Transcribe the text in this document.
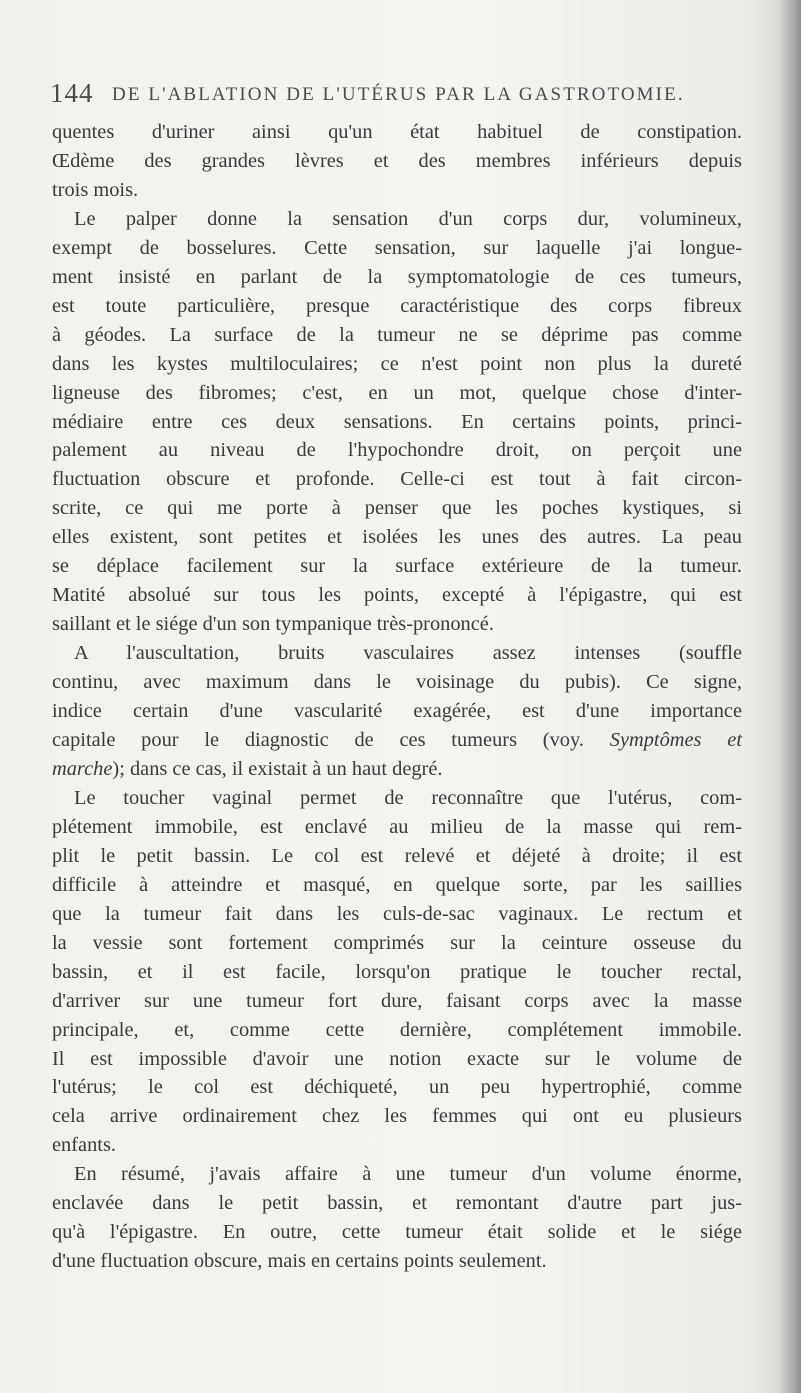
144 DE L'ABLATION DE L'UTÉRUS PAR LA GASTROTOMIE.
quentes d'uriner ainsi qu'un état habituel de constipation.
Œdème des grandes lèvres et des membres inférieurs depuis
trois mois.
Le palper donne la sensation d'un corps dur, volumineux,
exempt de bosselures. Cette sensation, sur laquelle j'ai longue-
ment insisté en parlant de la symptomatologie de ces tumeurs,
est toute particulière, presque caractéristique des corps fibreux
à géodes. La surface de la tumeur ne se déprime pas comme
dans les kystes multiloculaires; ce n'est point non plus la dureté
ligneuse des fibromes; c'est, en un mot, quelque chose d'inter-
médiaire entre ces deux sensations. En certains points, princi-
palement au niveau de l'hypochondre droit, on perçoit une
fluctuation obscure et profonde. Celle-ci est tout à fait circon-
scrite, ce qui me porte à penser que les poches kystiques, si
elles existent, sont petites et isolées les unes des autres. La peau
se déplace facilement sur la surface extérieure de la tumeur.
Matité absolué sur tous les points, excepté à l'épigastre, qui est
saillant et le siége d'un son tympanique très-prononcé.
A l'auscultation, bruits vasculaires assez intenses (souffle
continu, avec maximum dans le voisinage du pubis). Ce signe,
indice certain d'une vascularité exagérée, est d'une importance
capitale pour le diagnostic de ces tumeurs (voy. Symptômes et
marche); dans ce cas, il existait à un haut degré.
Le toucher vaginal permet de reconnaître que l'utérus, com-
plétement immobile, est enclavé au milieu de la masse qui rem-
plit le petit bassin. Le col est relevé et déjeté à droite; il est
difficile à atteindre et masqué, en quelque sorte, par les saillies
que la tumeur fait dans les culs-de-sac vaginaux. Le rectum et
la vessie sont fortement comprimés sur la ceinture osseuse du
bassin, et il est facile, lorsqu'on pratique le toucher rectal,
d'arriver sur une tumeur fort dure, faisant corps avec la masse
principale, et, comme cette dernière, complétement immobile.
Il est impossible d'avoir une notion exacte sur le volume de
l'utérus; le col est déchiqueté, un peu hypertrophié, comme
cela arrive ordinairement chez les femmes qui ont eu plusieurs
enfants.
En résumé, j'avais affaire à une tumeur d'un volume énorme,
enclavée dans le petit bassin, et remontant d'autre part jus-
qu'à l'épigastre. En outre, cette tumeur était solide et le siége
d'une fluctuation obscure, mais en certains points seulement.
